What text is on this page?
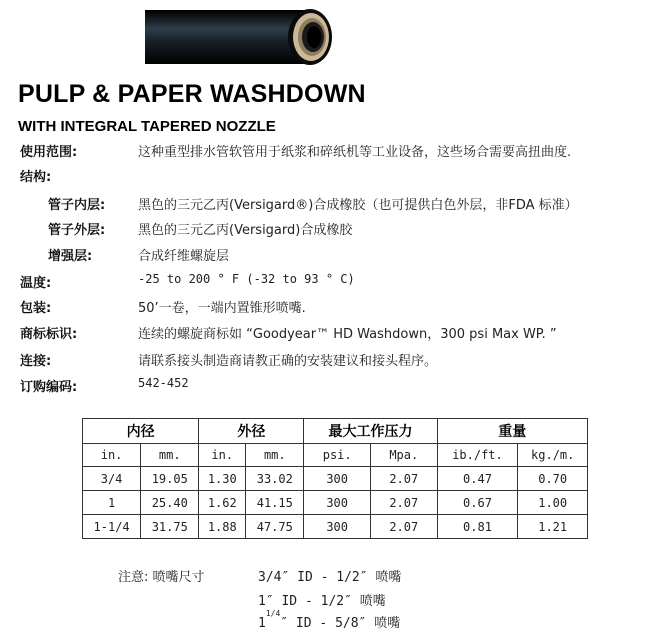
PULP & PAPER WASHDOWN
WITH INTEGRAL TAPERED NOZZLE
使用范围:	这种重型排水管软管用于纸浆和碎纸机等工业设备，这些场合需要高扭曲度.
结构:
管子内层:	黑色的三元乙丙(Versigard®)合成橡胶（也可提供白色外层，非FDA 标准）
管子外层:	黑色的三元乙丙(Versigard)合成橡胶
增强层:	合成纤维螺旋层
温度:	-25 to 200 ° F (-32 to 93 ° C)
包装:	50’一卷，一端内置锥形喷嘴.
商标标识:	连续的螺旋商标如 “Goodyear™ HD Washdown，300 psi Max WP. ”
连接:	请联系接头制造商请教正确的安装建议和接头程序。
订购编码:	542-452
内径		外径		最大工作压力		重量	
in.	mm.	in.	mm.	psi.	Mpa.	ib./ft.	kg./m.
3/4	19.05	1.30	33.02	300	2.07	0.47	0.70
1	25.40	1.62	41.15	300	2.07	0.67	1.00
1-1/4	31.75	1.88	47.75	300	2.07	0.81	1.21
注意: 喷嘴尺寸	3/4″ ID - 1/2″ 喷嘴
1″ ID - 1/2″ 喷嘴
$1^{1/4}''$ ID - 5/8″ 喷嘴
